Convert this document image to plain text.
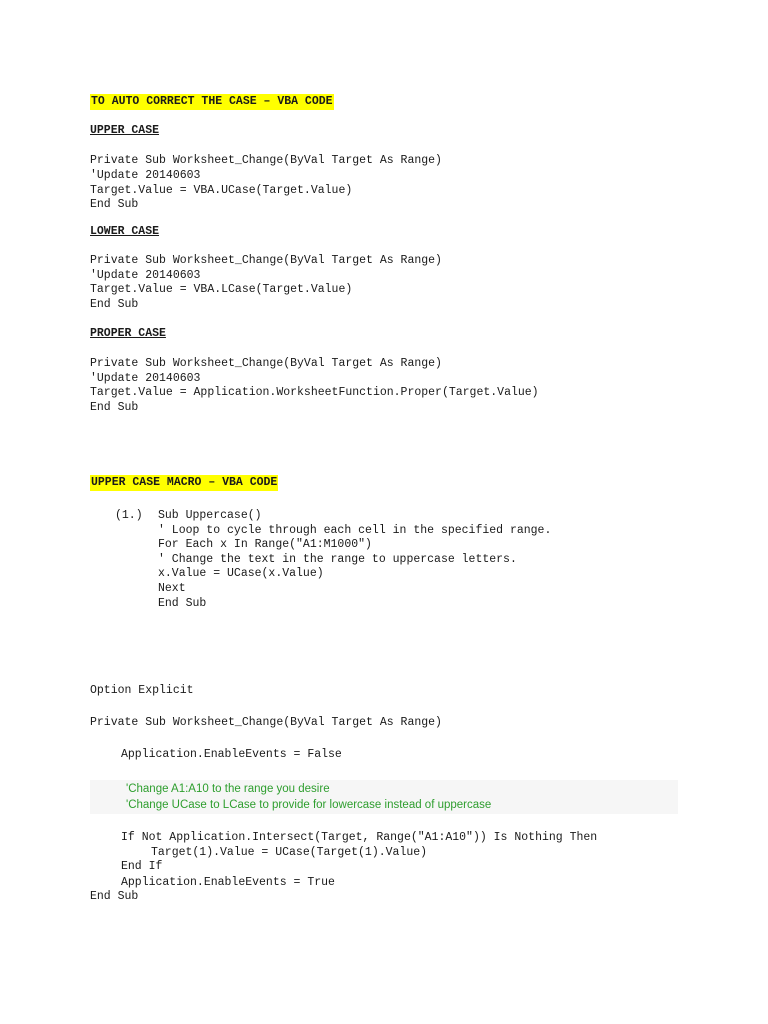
TO AUTO CORRECT THE CASE – VBA CODE
UPPER CASE
Private Sub Worksheet_Change(ByVal Target As Range)
'Update 20140603
Target.Value = VBA.UCase(Target.Value)
End Sub
LOWER CASE
Private Sub Worksheet_Change(ByVal Target As Range)
'Update 20140603
Target.Value = VBA.LCase(Target.Value)
End Sub
PROPER CASE
Private Sub Worksheet_Change(ByVal Target As Range)
'Update 20140603
Target.Value = Application.WorksheetFunction.Proper(Target.Value)
End Sub
UPPER CASE MACRO – VBA CODE
(1.) Sub Uppercase()
' Loop to cycle through each cell in the specified range.
For Each x In Range("A1:M1000")
' Change the text in the range to uppercase letters.
x.Value = UCase(x.Value)
Next
End Sub
Option Explicit
Private Sub Worksheet_Change(ByVal Target As Range)
Application.EnableEvents = False
'Change A1:A10 to the range you desire
'Change UCase to LCase to provide for lowercase instead of uppercase
If Not Application.Intersect(Target, Range("A1:A10")) Is Nothing Then
Target(1).Value = UCase(Target(1).Value)
End If
Application.EnableEvents = True
End Sub
